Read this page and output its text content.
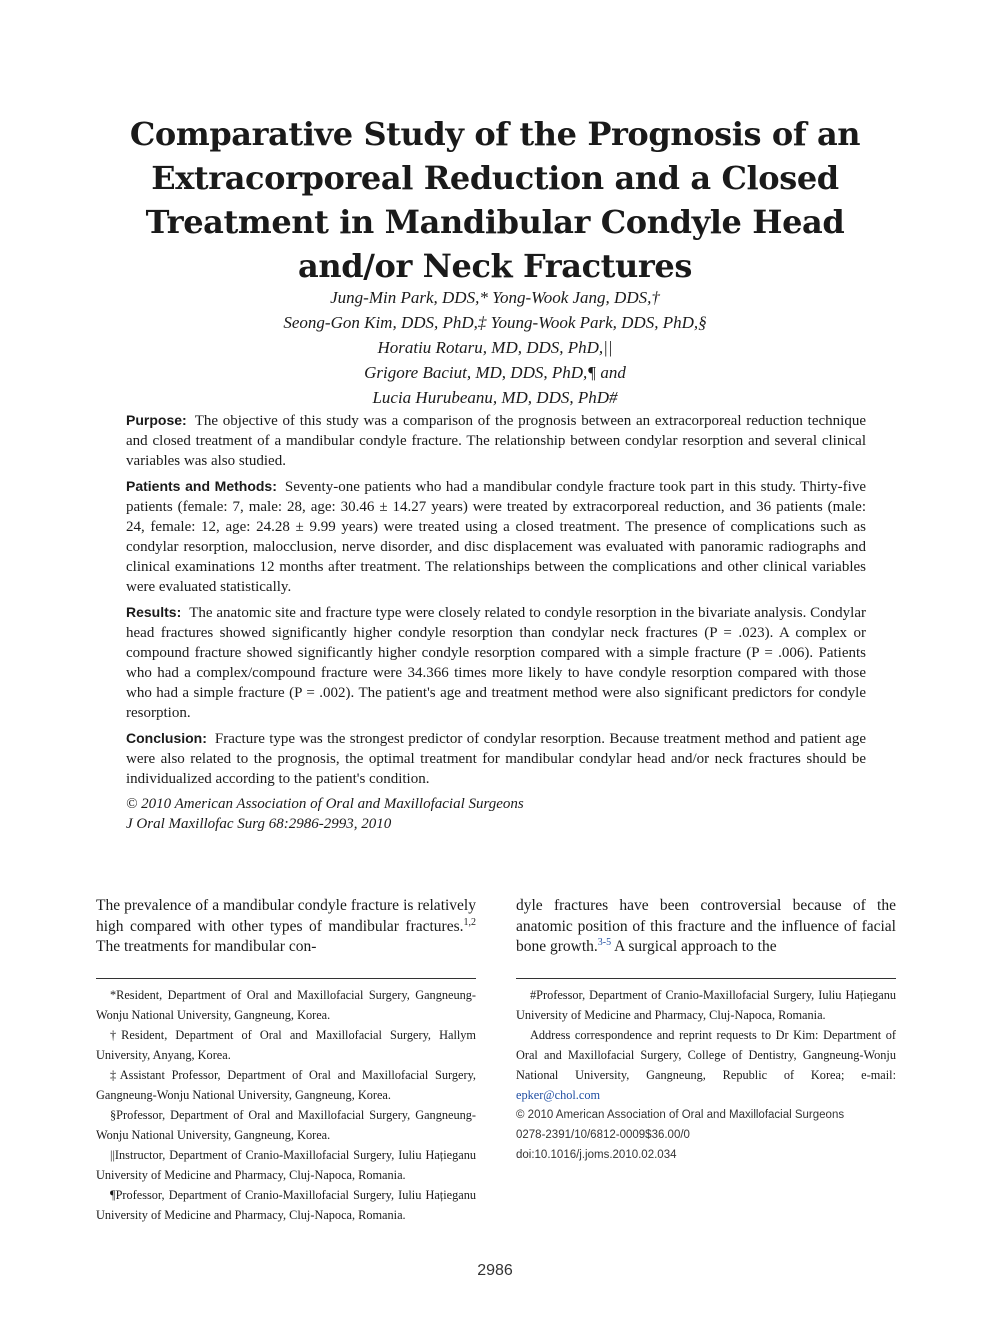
Comparative Study of the Prognosis of an
Extracorporeal Reduction and a Closed
Treatment in Mandibular Condyle Head
and/or Neck Fractures
Jung-Min Park, DDS,* Yong-Wook Jang, DDS,†
Seong-Gon Kim, DDS, PhD,‡ Young-Wook Park, DDS, PhD,§
Horatiu Rotaru, MD, DDS, PhD,||
Grigore Baciut, MD, DDS, PhD,¶ and
Lucia Hurubeanu, MD, DDS, PhD#

Purpose: The objective of this study was a comparison of the prognosis between an extracorporeal reduction technique and closed treatment of a mandibular condyle fracture. The relationship between condylar resorption and several clinical variables was also studied.

Patients and Methods: Seventy-one patients who had a mandibular condyle fracture took part in this study. Thirty-five patients (female: 7, male: 28, age: 30.46 ± 14.27 years) were treated by extracorporeal reduction, and 36 patients (male: 24, female: 12, age: 24.28 ± 9.99 years) were treated using a closed treatment. The presence of complications such as condylar resorption, malocclusion, nerve disorder, and disc displacement was evaluated with panoramic radiographs and clinical examinations 12 months after treatment. The relationships between the complications and other clinical variables were evaluated statistically.

Results: The anatomic site and fracture type were closely related to condyle resorption in the bivariate analysis. Condylar head fractures showed significantly higher condyle resorption than condylar neck fractures (P = .023). A complex or compound fracture showed significantly higher condyle resorption compared with a simple fracture (P = .006). Patients who had a complex/compound fracture were 34.366 times more likely to have condyle resorption compared with those who had a simple fracture (P = .002). The patient's age and treatment method were also significant predictors for condyle resorption.

Conclusion: Fracture type was the strongest predictor of condylar resorption. Because treatment method and patient age were also related to the prognosis, the optimal treatment for mandibular condylar head and/or neck fractures should be individualized according to the patient's condition.

© 2010 American Association of Oral and Maxillofacial Surgeons

J Oral Maxillofac Surg 68:2986-2993, 2010

The prevalence of a mandibular condyle fracture is relatively high compared with other types of mandibular fractures.$^{1,2}$ The treatments for mandibular con-
dyle fractures have been controversial because of the anatomic position of this fracture and the influence of facial bone growth.$^{3-5}$ A surgical approach to the

*Resident, Department of Oral and Maxillofacial Surgery, Gangneung-Wonju National University, Gangneung, Korea.

†Resident, Department of Oral and Maxillofacial Surgery, Hallym University, Anyang, Korea.

‡Assistant Professor, Department of Oral and Maxillofacial Surgery, Gangneung-Wonju National University, Gangneung, Korea.

§Professor, Department of Oral and Maxillofacial Surgery, Gangneung-Wonju National University, Gangneung, Korea.

||Instructor, Department of Cranio-Maxillofacial Surgery, Iuliu Hațieganu University of Medicine and Pharmacy, Cluj-Napoca, Romania.

¶Professor, Department of Cranio-Maxillofacial Surgery, Iuliu Hațieganu University of Medicine and Pharmacy, Cluj-Napoca, Romania.

#Professor, Department of Cranio-Maxillofacial Surgery, Iuliu Hațieganu University of Medicine and Pharmacy, Cluj-Napoca, Romania.

Address correspondence and reprint requests to Dr Kim: Department of Oral and Maxillofacial Surgery, College of Dentistry, Gangneung-Wonju National University, Gangneung, Republic of Korea; e-mail: epker@chol.com

© 2010 American Association of Oral and Maxillofacial Surgeons

0278-2391/10/6812-0009$36.00/0

doi:10.1016/j.joms.2010.02.034

2986
